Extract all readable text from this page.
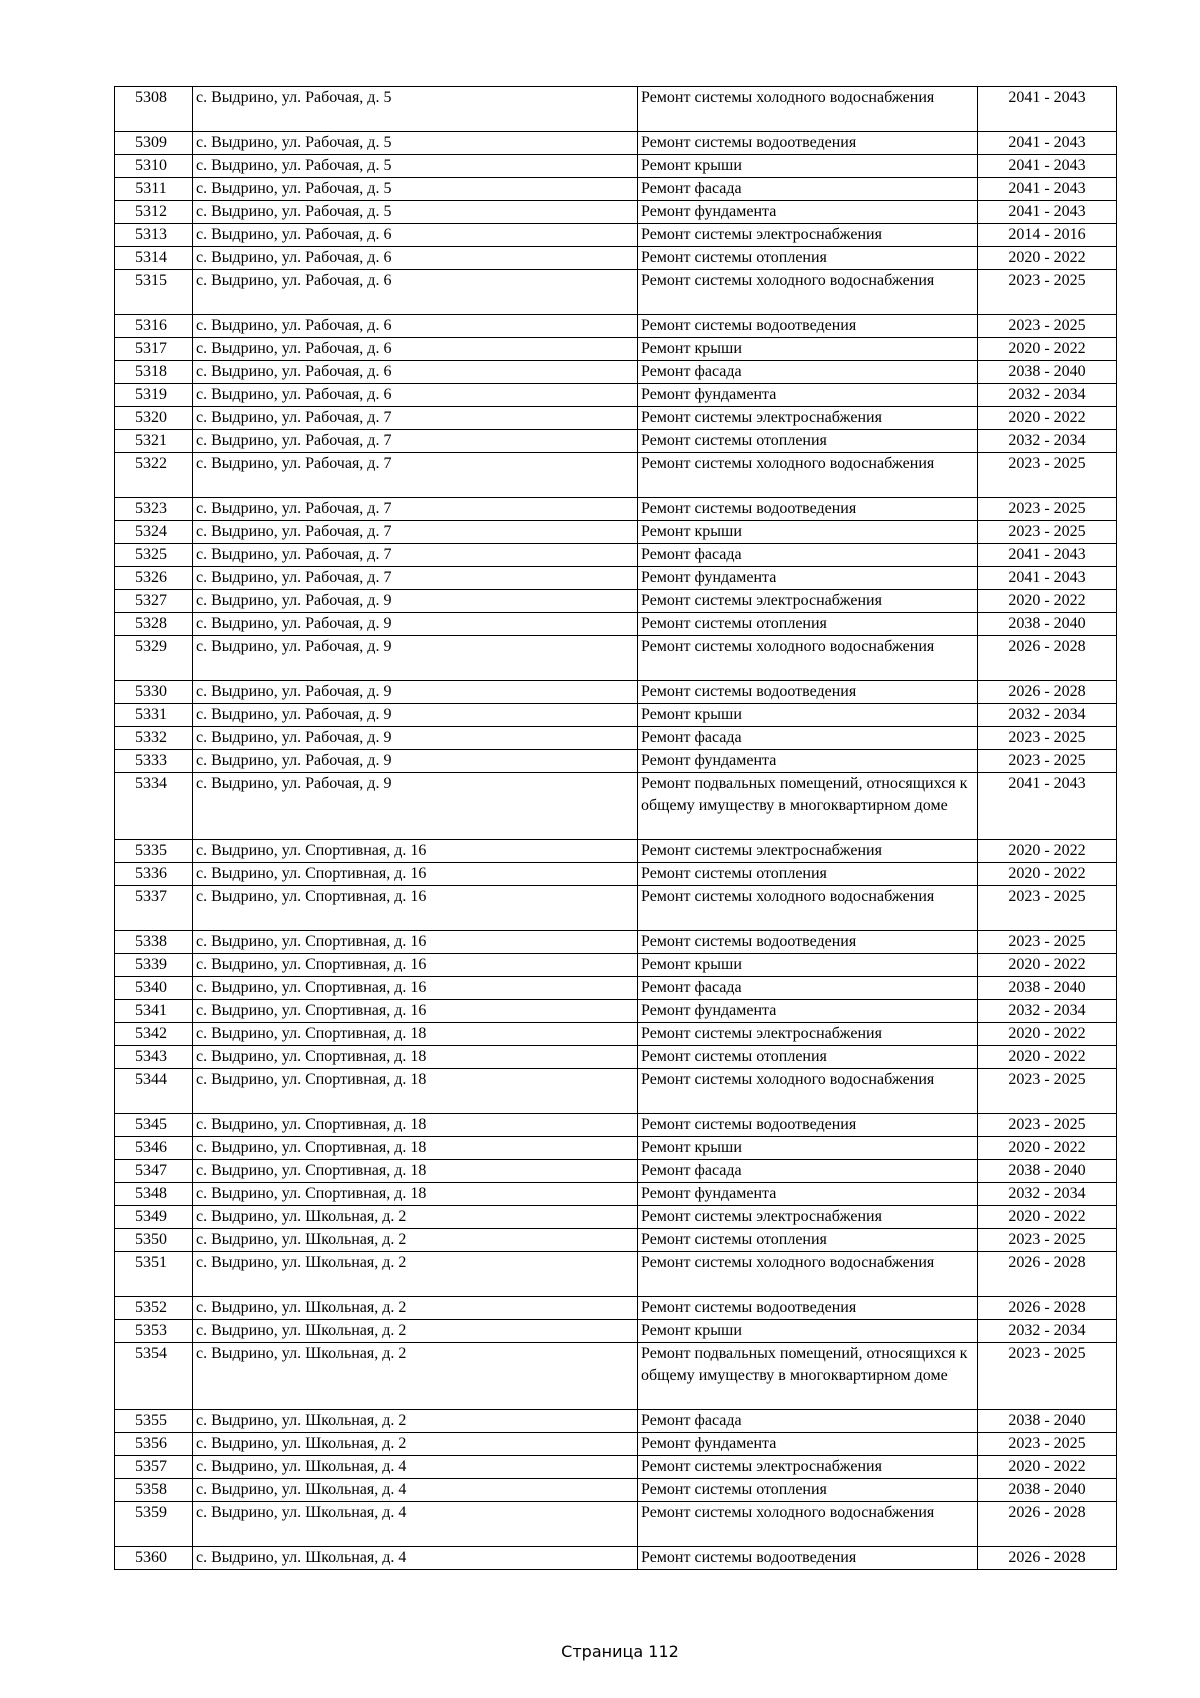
5308	с. Выдрино, ул. Рабочая, д. 5	Ремонт системы холодного водоснабжения	2041 - 2043
5309	с. Выдрино, ул. Рабочая, д. 5	Ремонт системы водоотведения	2041 - 2043
5310	с. Выдрино, ул. Рабочая, д. 5	Ремонт крыши	2041 - 2043
5311	с. Выдрино, ул. Рабочая, д. 5	Ремонт фасада	2041 - 2043
5312	с. Выдрино, ул. Рабочая, д. 5	Ремонт фундамента	2041 - 2043
5313	с. Выдрино, ул. Рабочая, д. 6	Ремонт системы электроснабжения	2014 - 2016
5314	с. Выдрино, ул. Рабочая, д. 6	Ремонт системы отопления	2020 - 2022
5315	с. Выдрино, ул. Рабочая, д. 6	Ремонт системы холодного водоснабжения	2023 - 2025
5316	с. Выдрино, ул. Рабочая, д. 6	Ремонт системы водоотведения	2023 - 2025
5317	с. Выдрино, ул. Рабочая, д. 6	Ремонт крыши	2020 - 2022
5318	с. Выдрино, ул. Рабочая, д. 6	Ремонт фасада	2038 - 2040
5319	с. Выдрино, ул. Рабочая, д. 6	Ремонт фундамента	2032 - 2034
5320	с. Выдрино, ул. Рабочая, д. 7	Ремонт системы электроснабжения	2020 - 2022
5321	с. Выдрино, ул. Рабочая, д. 7	Ремонт системы отопления	2032 - 2034
5322	с. Выдрино, ул. Рабочая, д. 7	Ремонт системы холодного водоснабжения	2023 - 2025
5323	с. Выдрино, ул. Рабочая, д. 7	Ремонт системы водоотведения	2023 - 2025
5324	с. Выдрино, ул. Рабочая, д. 7	Ремонт крыши	2023 - 2025
5325	с. Выдрино, ул. Рабочая, д. 7	Ремонт фасада	2041 - 2043
5326	с. Выдрино, ул. Рабочая, д. 7	Ремонт фундамента	2041 - 2043
5327	с. Выдрино, ул. Рабочая, д. 9	Ремонт системы электроснабжения	2020 - 2022
5328	с. Выдрино, ул. Рабочая, д. 9	Ремонт системы отопления	2038 - 2040
5329	с. Выдрино, ул. Рабочая, д. 9	Ремонт системы холодного водоснабжения	2026 - 2028
5330	с. Выдрино, ул. Рабочая, д. 9	Ремонт системы водоотведения	2026 - 2028
5331	с. Выдрино, ул. Рабочая, д. 9	Ремонт крыши	2032 - 2034
5332	с. Выдрино, ул. Рабочая, д. 9	Ремонт фасада	2023 - 2025
5333	с. Выдрино, ул. Рабочая, д. 9	Ремонт фундамента	2023 - 2025
5334	с. Выдрино, ул. Рабочая, д. 9	Ремонт подвальных помещений, относящихся к общему имуществу в многоквартирном доме	2041 - 2043
5335	с. Выдрино, ул. Спортивная, д. 16	Ремонт системы электроснабжения	2020 - 2022
5336	с. Выдрино, ул. Спортивная, д. 16	Ремонт системы отопления	2020 - 2022
5337	с. Выдрино, ул. Спортивная, д. 16	Ремонт системы холодного водоснабжения	2023 - 2025
5338	с. Выдрино, ул. Спортивная, д. 16	Ремонт системы водоотведения	2023 - 2025
5339	с. Выдрино, ул. Спортивная, д. 16	Ремонт крыши	2020 - 2022
5340	с. Выдрино, ул. Спортивная, д. 16	Ремонт фасада	2038 - 2040
5341	с. Выдрино, ул. Спортивная, д. 16	Ремонт фундамента	2032 - 2034
5342	с. Выдрино, ул. Спортивная, д. 18	Ремонт системы электроснабжения	2020 - 2022
5343	с. Выдрино, ул. Спортивная, д. 18	Ремонт системы отопления	2020 - 2022
5344	с. Выдрино, ул. Спортивная, д. 18	Ремонт системы холодного водоснабжения	2023 - 2025
5345	с. Выдрино, ул. Спортивная, д. 18	Ремонт системы водоотведения	2023 - 2025
5346	с. Выдрино, ул. Спортивная, д. 18	Ремонт крыши	2020 - 2022
5347	с. Выдрино, ул. Спортивная, д. 18	Ремонт фасада	2038 - 2040
5348	с. Выдрино, ул. Спортивная, д. 18	Ремонт фундамента	2032 - 2034
5349	с. Выдрино, ул. Школьная, д. 2	Ремонт системы электроснабжения	2020 - 2022
5350	с. Выдрино, ул. Школьная, д. 2	Ремонт системы отопления	2023 - 2025
5351	с. Выдрино, ул. Школьная, д. 2	Ремонт системы холодного водоснабжения	2026 - 2028
5352	с. Выдрино, ул. Школьная, д. 2	Ремонт системы водоотведения	2026 - 2028
5353	с. Выдрино, ул. Школьная, д. 2	Ремонт крыши	2032 - 2034
5354	с. Выдрино, ул. Школьная, д. 2	Ремонт подвальных помещений, относящихся к общему имуществу в многоквартирном доме	2023 - 2025
5355	с. Выдрино, ул. Школьная, д. 2	Ремонт фасада	2038 - 2040
5356	с. Выдрино, ул. Школьная, д. 2	Ремонт фундамента	2023 - 2025
5357	с. Выдрино, ул. Школьная, д. 4	Ремонт системы электроснабжения	2020 - 2022
5358	с. Выдрино, ул. Школьная, д. 4	Ремонт системы отопления	2038 - 2040
5359	с. Выдрино, ул. Школьная, д. 4	Ремонт системы холодного водоснабжения	2026 - 2028
5360	с. Выдрино, ул. Школьная, д. 4	Ремонт системы водоотведения	2026 - 2028
Страница 112
